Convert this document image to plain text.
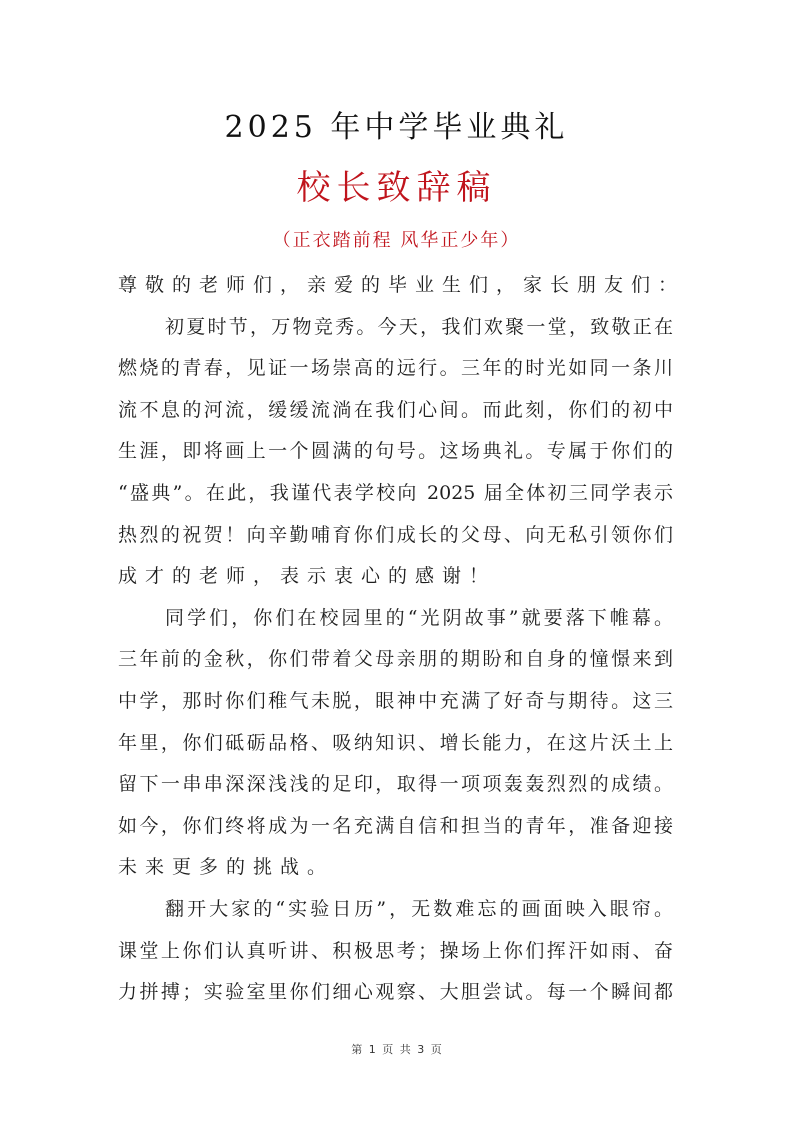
2025 年中学毕业典礼
校长致辞稿
（正衣踏前程 风华正少年）
尊敬的老师们，亲爱的毕业生们，家长朋友们：
初夏时节，万物竞秀。今天，我们欢聚一堂，致敬正在
燃烧的青春，见证一场崇高的远行。三年的时光如同一条川
流不息的河流，缓缓流淌在我们心间。而此刻，你们的初中
生涯，即将画上一个圆满的句号。这场典礼。专属于你们的
“盛典”。在此，我谨代表学校向 2025 届全体初三同学表示
热烈的祝贺！向辛勤哺育你们成长的父母、向无私引领你们
成才的老师，表示衷心的感谢！
同学们，你们在校园里的“光阴故事”就要落下帷幕。
三年前的金秋，你们带着父母亲朋的期盼和自身的憧憬来到
中学，那时你们稚气未脱，眼神中充满了好奇与期待。这三
年里，你们砥砺品格、吸纳知识、增长能力，在这片沃土上
留下一串串深深浅浅的足印，取得一项项轰轰烈烈的成绩。
如今，你们终将成为一名充满自信和担当的青年，准备迎接
未来更多的挑战。
翻开大家的“实验日历”，无数难忘的画面映入眼帘。
课堂上你们认真听讲、积极思考；操场上你们挥汗如雨、奋
力拼搏；实验室里你们细心观察、大胆尝试。每一个瞬间都
第 1 页 共 3 页
